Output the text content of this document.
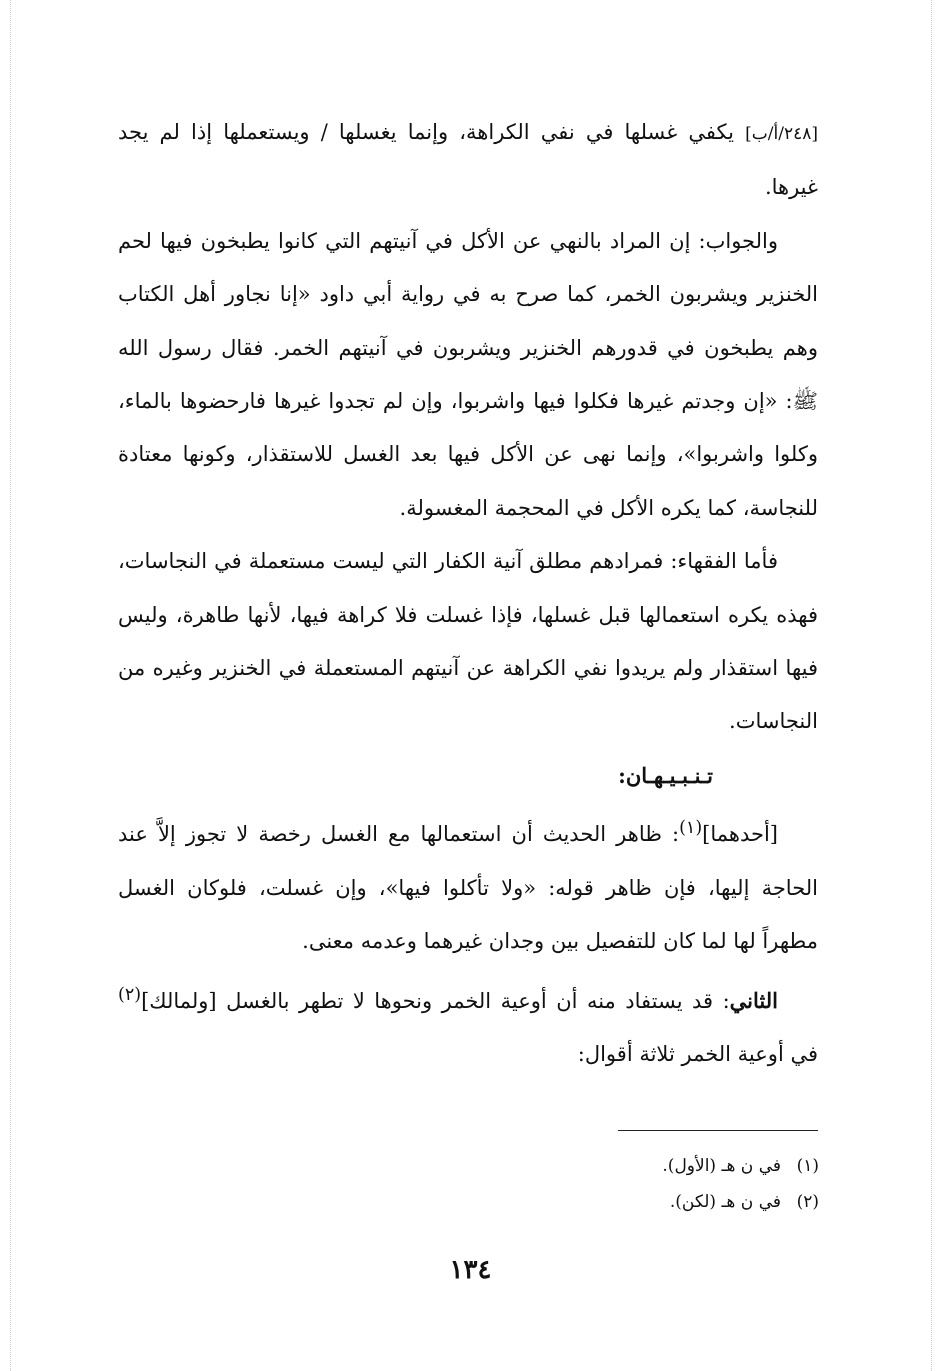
[٢٤٨/أ/ب] يكفي غسلها في نفي الكراهة، وإنما يغسلها / ويستعملها إذا لم يجد غيرها.

والجواب: إن المراد بالنهي عن الأكل في آنيتهم التي كانوا يطبخون فيها لحم الخنزير ويشربون الخمر، كما صرح به في رواية أبي داود «إنا نجاور أهل الكتاب وهم يطبخون في قدورهم الخنزير ويشربون في آنيتهم الخمر. فقال رسول الله ﷺ: «إن وجدتم غيرها فكلوا فيها واشربوا، وإن لم تجدوا غيرها فارحضوها بالماء، وكلوا واشربوا»، وإنما نهى عن الأكل فيها بعد الغسل للاستقذار، وكونها معتادة للنجاسة، كما يكره الأكل في المحجمة المغسولة.

فأما الفقهاء: فمرادهم مطلق آنية الكفار التي ليست مستعملة في النجاسات، فهذه يكره استعمالها قبل غسلها، فإذا غسلت فلا كراهة فيها، لأنها طاهرة، وليس فيها استقذار ولم يريدوا نفي الكراهة عن آنيتهم المستعملة في الخنزير وغيره من النجاسات.

تـنـبـيـهـان:

[أحدهما]$^{(١)}$: ظاهر الحديث أن استعمالها مع الغسل رخصة لا تجوز إلاَّ عند الحاجة إليها، فإن ظاهر قوله: «ولا تأكلوا فيها»، وإن غسلت، فلوكان الغسل مطهراً لها لما كان للتفصيل بين وجدان غيرهما وعدمه معنى.

الثاني: قد يستفاد منه أن أوعية الخمر ونحوها لا تطهر بالغسل [ولمالك]$^{(٢)}$ في أوعية الخمر ثلاثة أقوال:

(١)في ن هـ (الأول).

(٢)في ن هـ (لكن).

١٣٤
